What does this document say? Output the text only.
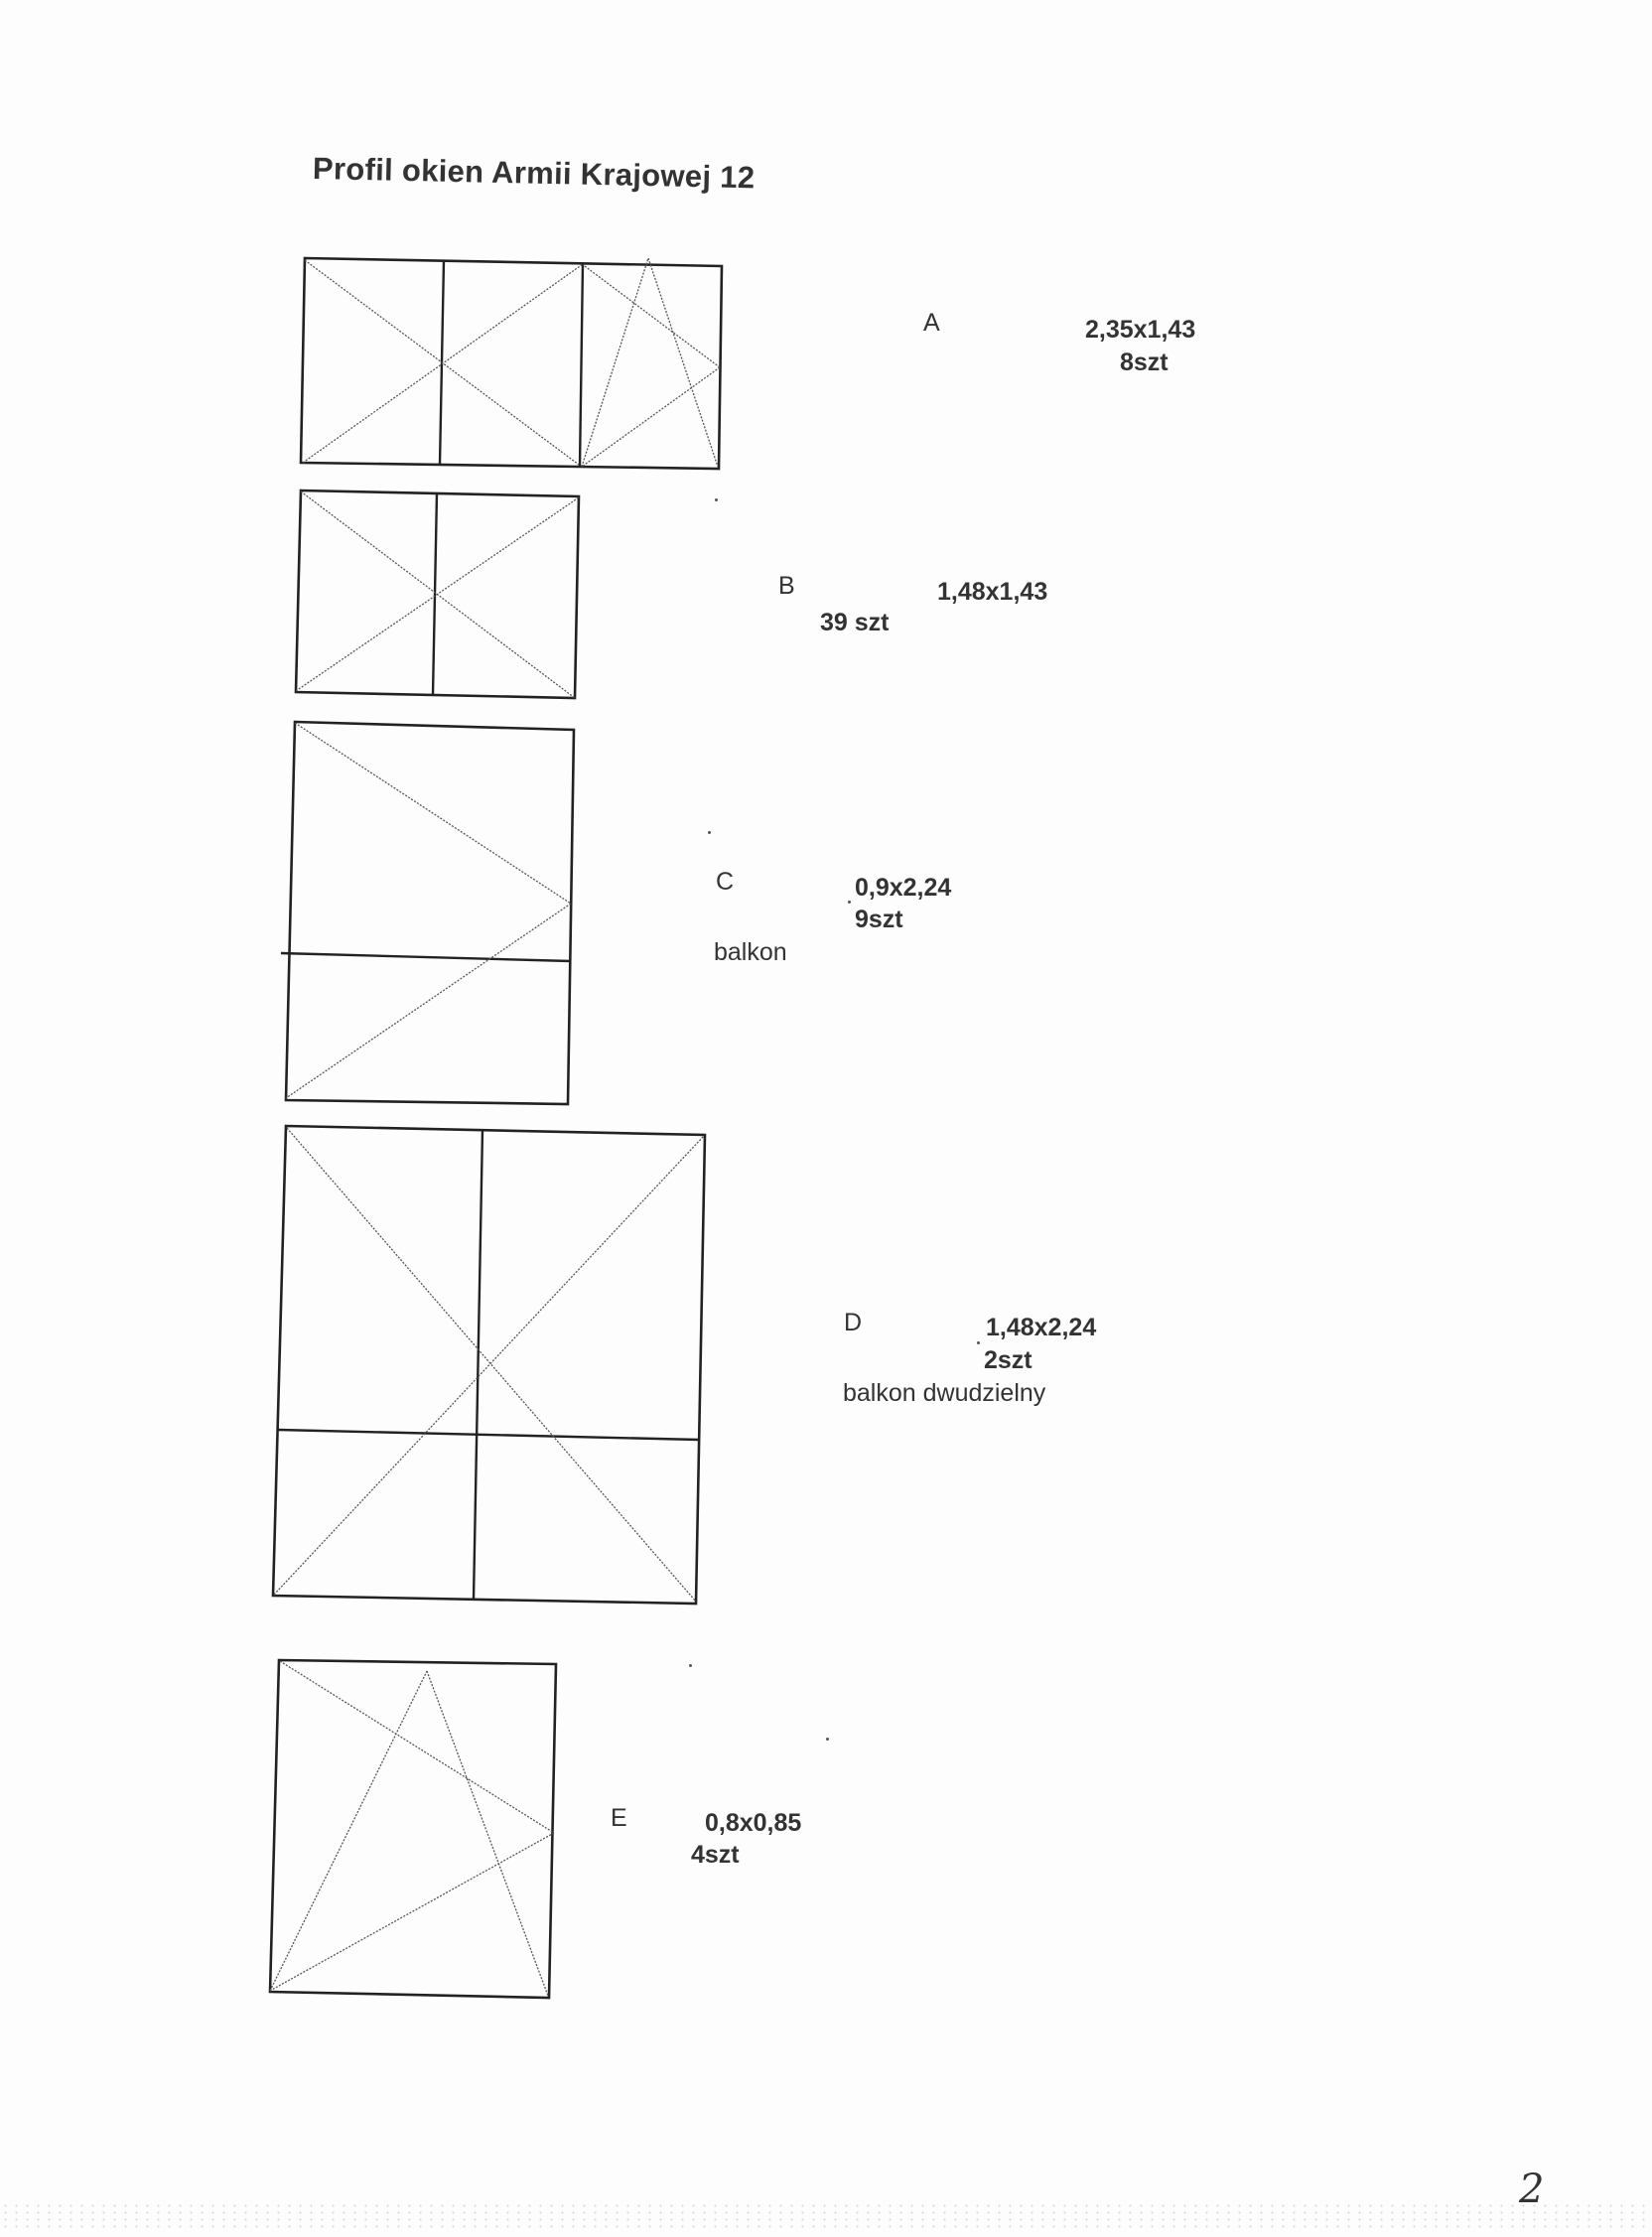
Profil okien Armii Krajowej 12
A	2,35x1,43
8szt
B	1,48x1,43
39 szt
C	0,9x2,24
9szt
balkon
D	1,48x2,24
2szt
balkon dwudzielny
E	0,8x0,85
4szt
2
